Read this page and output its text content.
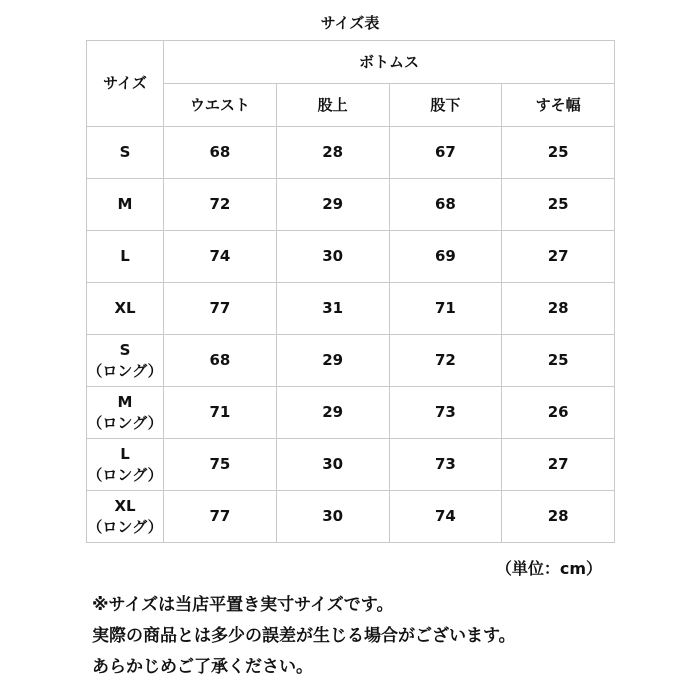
サイズ表
サイズ	ボトムス			
	ウエスト	股上	股下	すそ幅

S	68	28	67	25

M	72	29	68	25

L	74	30	69	27

XL	77	31	71	28

S
（ロング）	68	29	72	25

M
（ロング）	71	29	73	26

L
（ロング）	75	30	73	27

XL
（ロング）	77	30	74	28
（単位：cm）
※サイズは当店平置き実寸サイズです。
実際の商品とは多少の誤差が生じる場合がございます。
あらかじめご了承ください。
